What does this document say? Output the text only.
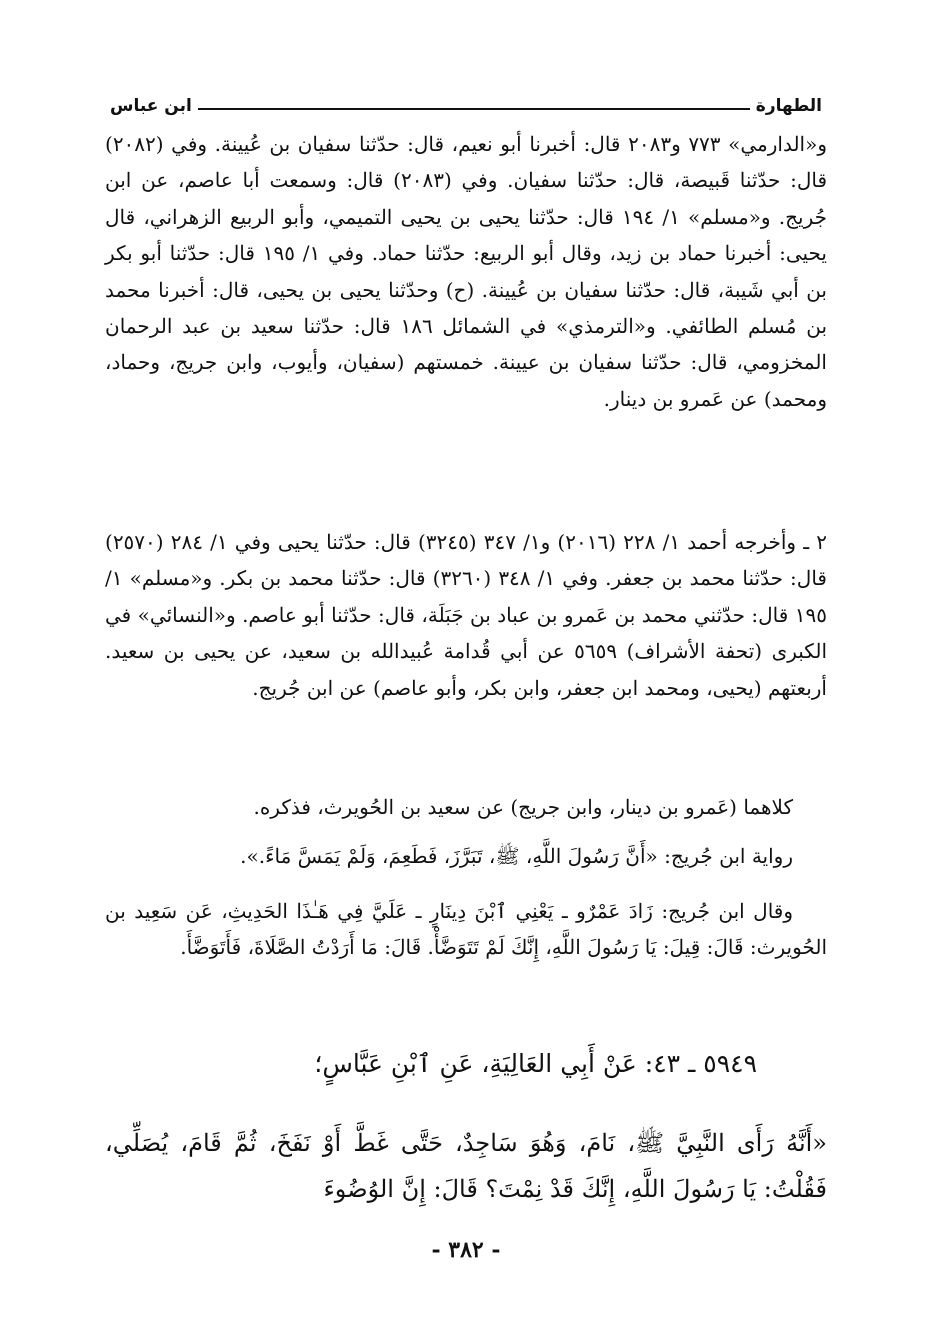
الطهارة
ابن عباس

و«الدارمي» ٧٧٣ و٢٠٨٣ قال: أخبرنا أبو نعيم، قال: حدّثنا سفيان بن عُيينة. وفي (٢٠٨٢) قال: حدّثنا قَبيصة، قال: حدّثنا سفيان. وفي (٢٠٨٣) قال: وسمعت أبا عاصم، عن ابن جُريج. و«مسلم» ١/ ١٩٤ قال: حدّثنا يحيى بن يحيى التميمي، وأبو الربيع الزهراني، قال يحيى: أخبرنا حماد بن زيد، وقال أبو الربيع: حدّثنا حماد. وفي ١/ ١٩٥ قال: حدّثنا أبو بكر بن أبي شَيبة، قال: حدّثنا سفيان بن عُيينة. (ح) وحدّثنا يحيى بن يحيى، قال: أخبرنا محمد بن مُسلم الطائفي. و«الترمذي» في الشمائل ١٨٦ قال: حدّثنا سعيد بن عبد الرحمان المخزومي، قال: حدّثنا سفيان بن عيينة. خمستهم (سفيان، وأيوب، وابن جريج، وحماد، ومحمد) عن عَمرو بن دينار.

٢ ـ وأخرجه أحمد ١/ ٢٢٨ (٢٠١٦) و١/ ٣٤٧ (٣٢٤٥) قال: حدّثنا يحيى وفي ١/ ٢٨٤ (٢٥٧٠) قال: حدّثنا محمد بن جعفر. وفي ١/ ٣٤٨ (٣٢٦٠) قال: حدّثنا محمد بن بكر. و«مسلم» ١/ ١٩٥ قال: حدّثني محمد بن عَمرو بن عباد بن جَبَلَة، قال: حدّثنا أبو عاصم. و«النسائي» في الكبرى (تحفة الأشراف) ٥٦٥٩ عن أبي قُدامة عُبيدالله بن سعيد، عن يحيى بن سعيد. أربعتهم (يحيى، ومحمد ابن جعفر، وابن بكر، وأبو عاصم) عن ابن جُريج.

كلاهما (عَمرو بن دينار، وابن جريج) عن سعيد بن الحُويرث، فذكره.

رواية ابن جُريج: «أَنَّ رَسُولَ اللَّهِ، ﷺ، تَبَرَّزَ، فَطَعِمَ، وَلَمْ يَمَسَّ مَاءً.».

وقال ابن جُريج: زَادَ عَمْرٌو ـ يَعْنِي ٱبْنَ دِينَارٍ ـ عَلَيَّ فِي هَـٰذَا الحَدِيثِ، عَن سَعِيد بن الحُويرث: قَالَ: قِيلَ: يَا رَسُولَ اللَّهِ، إِنَّكَ لَمْ تَتَوَضَّأْ. قَالَ: مَا أَرَدْتُ الصَّلَاةَ، فَأَتَوَضَّأَ.

٥٩٤٩ ـ ٤٣: عَنْ أَبِي العَالِيَةِ، عَنِ ٱبْنِ عَبَّاسٍ؛

«أَنَّهُ رَأَى النَّبِيَّ ﷺ، نَامَ، وَهُوَ سَاجِدٌ، حَتَّى غَطَّ أَوْ نَفَخَ، ثُمَّ قَامَ، يُصَلِّي، فَقُلْتُ: يَا رَسُولَ اللَّهِ، إِنَّكَ قَدْ نِمْتَ؟ قَالَ: إِنَّ الوُضُوءَ

- ٣٨٢ -
